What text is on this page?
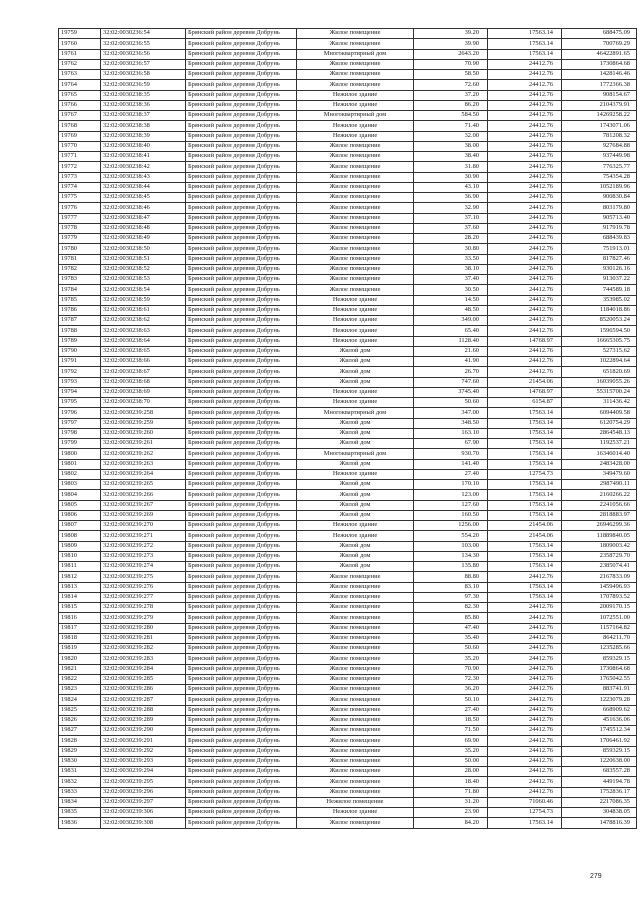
19759	32:02:0030236:54	Брянский район деревня Добрунь	Жилое помещение	39.20	17563.14	688475.09
19760	32:02:0030236:55	Брянский район деревня Добрунь	Жилое помещение	39.90	17563.14	700769.29
19761	32:02:0030236:56	Брянский район деревня Добрунь	Многоквартирный дом	2643.20	17563.14	46422891.65
19762	32:02:0030236:57	Брянский район деревня Добрунь	Жилое помещение	70.90	24412.76	1730864.68
19763	32:02:0030236:58	Брянский район деревня Добрунь	Жилое помещение	58.50	24412.76	1428146.46
19764	32:02:0030236:59	Брянский район деревня Добрунь	Жилое помещение	72.60	24412.76	1772366.38
19765	32:02:0030238:35	Брянский район деревня Добрунь	Нежилое здание	37.20	24412.76	908154.67
19766	32:02:0030238:36	Брянский район деревня Добрунь	Нежилое здание	86.20	24412.76	2104379.91
19767	32:02:0030238:37	Брянский район деревня Добрунь	Многоквартирный дом	584.50	24412.76	14269258.22
19768	32:02:0030238:38	Брянский район деревня Добрунь	Нежилое здание	71.40	24412.76	1743071.06
19769	32:02:0030238:39	Брянский район деревня Добрунь	Нежилое здание	32.00	24412.76	781208.32
19770	32:02:0030238:40	Брянский район деревня Добрунь	Жилое помещение	38.00	24412.76	927684.88
19771	32:02:0030238:41	Брянский район деревня Добрунь	Жилое помещение	38.40	24412.76	937449.98
19772	32:02:0030238:42	Брянский район деревня Добрунь	Жилое помещение	31.80	24412.76	776325.77
19773	32:02:0030238:43	Брянский район деревня Добрунь	Жилое помещение	30.90	24412.76	754354.28
19774	32:02:0030238:44	Брянский район деревня Добрунь	Жилое помещение	43.10	24412.76	1052189.96
19775	32:02:0030238:45	Брянский район деревня Добрунь	Жилое помещение	36.90	24412.76	900830.84
19776	32:02:0030238:46	Брянский район деревня Добрунь	Жилое помещение	32.90	24412.76	803179.80
19777	32:02:0030238:47	Брянский район деревня Добрунь	Жилое помещение	37.10	24412.76	905713.40
19778	32:02:0030238:48	Брянский район деревня Добрунь	Жилое помещение	37.60	24412.76	917919.78
19779	32:02:0030238:49	Брянский район деревня Добрунь	Жилое помещение	28.20	24412.76	688439.83
19780	32:02:0030238:50	Брянский район деревня Добрунь	Жилое помещение	30.80	24412.76	751913.01
19781	32:02:0030238:51	Брянский район деревня Добрунь	Жилое помещение	33.50	24412.76	817827.46
19782	32:02:0030238:52	Брянский район деревня Добрунь	Жилое помещение	38.10	24412.76	930126.16
19783	32:02:0030238:53	Брянский район деревня Добрунь	Жилое помещение	37.40	24412.76	913037.22
19784	32:02:0030238:54	Брянский район деревня Добрунь	Жилое помещение	30.50	24412.76	744589.18
19785	32:02:0030238:59	Брянский район деревня Добрунь	Нежилое здание	14.50	24412.76	353985.02
19786	32:02:0030238:61	Брянский район деревня Добрунь	Нежилое здание	48.50	24412.76	1184018.86
19787	32:02:0030238:62	Брянский район деревня Добрунь	Нежилое здание	349.00	24412.76	8520053.24
19788	32:02:0030238:63	Брянский район деревня Добрунь	Нежилое здание	65.40	24412.76	1596594.50
19789	32:02:0030238:64	Брянский район деревня Добрунь	Нежилое здание	1128.40	14768.97	16665305.75
19790	32:02:0030238:65	Брянский район деревня Добрунь	Жилой дом	21.60	24412.76	527315.62
19791	32:02:0030238:66	Брянский район деревня Добрунь	Жилой дом	41.90	24412.76	1022894.64
19792	32:02:0030238:67	Брянский район деревня Добрунь	Жилой дом	26.70	24412.76	651820.69
19793	32:02:0030238:68	Брянский район деревня Добрунь	Жилой дом	747.60	21454.06	16039055.26
19794	32:02:0030238:69	Брянский район деревня Добрунь	Нежилое здание	3745.40	14768.97	55315700.24
19795	32:02:0030238:70	Брянский район деревня Добрунь	Нежилое здание	50.60	6154.87	311436.42
19796	32:02:0030239:258	Брянский район деревня Добрунь	Многоквартирный дом	347.00	17563.14	6094409.58
19797	32:02:0030239:259	Брянский район деревня Добрунь	Жилой дом	348.50	17563.14	6120754.29
19798	32:02:0030239:260	Брянский район деревня Добрунь	Жилой дом	163.10	17563.14	2864548.13
19799	32:02:0030239:261	Брянский район деревня Добрунь	Жилой дом	67.90	17563.14	1192537.21
19800	32:02:0030239:262	Брянский район деревня Добрунь	Многоквартирный дом	930.70	17563.14	16346014.40
19801	32:02:0030239:263	Брянский район деревня Добрунь	Жилой дом	141.40	17563.14	2483428.00
19802	32:02:0030239:264	Брянский район деревня Добрунь	Нежилое здание	27.40	12754.73	349479.60
19803	32:02:0030239:265	Брянский район деревня Добрунь	Жилой дом	170.10	17563.14	2987490.11
19804	32:02:0030239:266	Брянский район деревня Добрунь	Жилой дом	123.00	17563.14	2160266.22
19805	32:02:0030239:267	Брянский район деревня Добрунь	Жилой дом	127.60	17563.14	2241056.66
19806	32:02:0030239:269	Брянский район деревня Добрунь	Жилой дом	160.50	17563.14	2818883.97
19807	32:02:0030239:270	Брянский район деревня Добрунь	Нежилое здание	1256.00	21454.06	26946299.36
19808	32:02:0030239:271	Брянский район деревня Добрунь	Нежилое здание	554.20	21454.06	11889840.05
19809	32:02:0030239:272	Брянский район деревня Добрунь	Жилой дом	103.00	17563.14	1809003.42
19810	32:02:0030239:273	Брянский район деревня Добрунь	Жилой дом	134.30	17563.14	2358729.70
19811	32:02:0030239:274	Брянский район деревня Добрунь	Жилой дом	135.80	17563.14	2385074.41
19812	32:02:0030239:275	Брянский район деревня Добрунь	Жилое помещение	88.80	24412.76	2167833.09
19813	32:02:0030239:276	Брянский район деревня Добрунь	Жилое помещение	83.10	17563.14	1459496.93
19814	32:02:0030239:277	Брянский район деревня Добрунь	Жилое помещение	97.30	17563.14	1707893.52
19815	32:02:0030239:278	Брянский район деревня Добрунь	Жилое помещение	82.30	24412.76	2009170.15
19816	32:02:0030239:279	Брянский район деревня Добрунь	Жилое помещение	85.80	24412.76	1072551.00
19817	32:02:0030239:280	Брянский район деревня Добрунь	Жилое помещение	47.40	24412.76	1157164.82
19818	32:02:0030239:281	Брянский район деревня Добрунь	Жилое помещение	35.40	24412.76	864211.70
19819	32:02:0030239:282	Брянский район деревня Добрунь	Жилое помещение	50.60	24412.76	1235285.66
19820	32:02:0030239:283	Брянский район деревня Добрунь	Жилое помещение	35.20	24412.76	859329.15
19821	32:02:0030239:284	Брянский район деревня Добрунь	Жилое помещение	70.90	24412.76	1730864.68
19822	32:02:0030239:285	Брянский район деревня Добрунь	Жилое помещение	72.30	24412.76	1765042.55
19823	32:02:0030239:286	Брянский район деревня Добрунь	Жилое помещение	36.20	24412.76	883741.91
19824	32:02:0030239:287	Брянский район деревня Добрунь	Жилое помещение	50.10	24412.76	1223079.28
19825	32:02:0030239:288	Брянский район деревня Добрунь	Жилое помещение	27.40	24412.76	668909.62
19826	32:02:0030239:289	Брянский район деревня Добрунь	Жилое помещение	18.50	24412.76	451636.06
19827	32:02:0030239:290	Брянский район деревня Добрунь	Жилое помещение	71.50	24412.76	1745512.34
19828	32:02:0030239:291	Брянский район деревня Добрунь	Жилое помещение	69.90	24412.76	1706461.92
19829	32:02:0030239:292	Брянский район деревня Добрунь	Жилое помещение	35.20	24412.76	859329.15
19830	32:02:0030239:293	Брянский район деревня Добрунь	Жилое помещение	50.00	24412.76	1220638.00
19831	32:02:0030239:294	Брянский район деревня Добрунь	Жилое помещение	28.00	24412.76	683557.28
19832	32:02:0030239:295	Брянский район деревня Добрунь	Жилое помещение	18.40	24412.76	449194.78
19833	32:02:0030239:296	Брянский район деревня Добрунь	Жилое помещение	71.80	24412.76	1752836.17
19834	32:02:0030239:297	Брянский район деревня Добрунь	Нежилое помещение	31.20	71060.46	2217086.35
19835	32:02:0030239:306	Брянский район деревня Добрунь	Нежилое здание	23.90	12754.73	304838.05
19836	32:02:0030239:308	Брянский район деревня Добрунь	Жилое помещение	84.20	17563.14	1478816.39
279
